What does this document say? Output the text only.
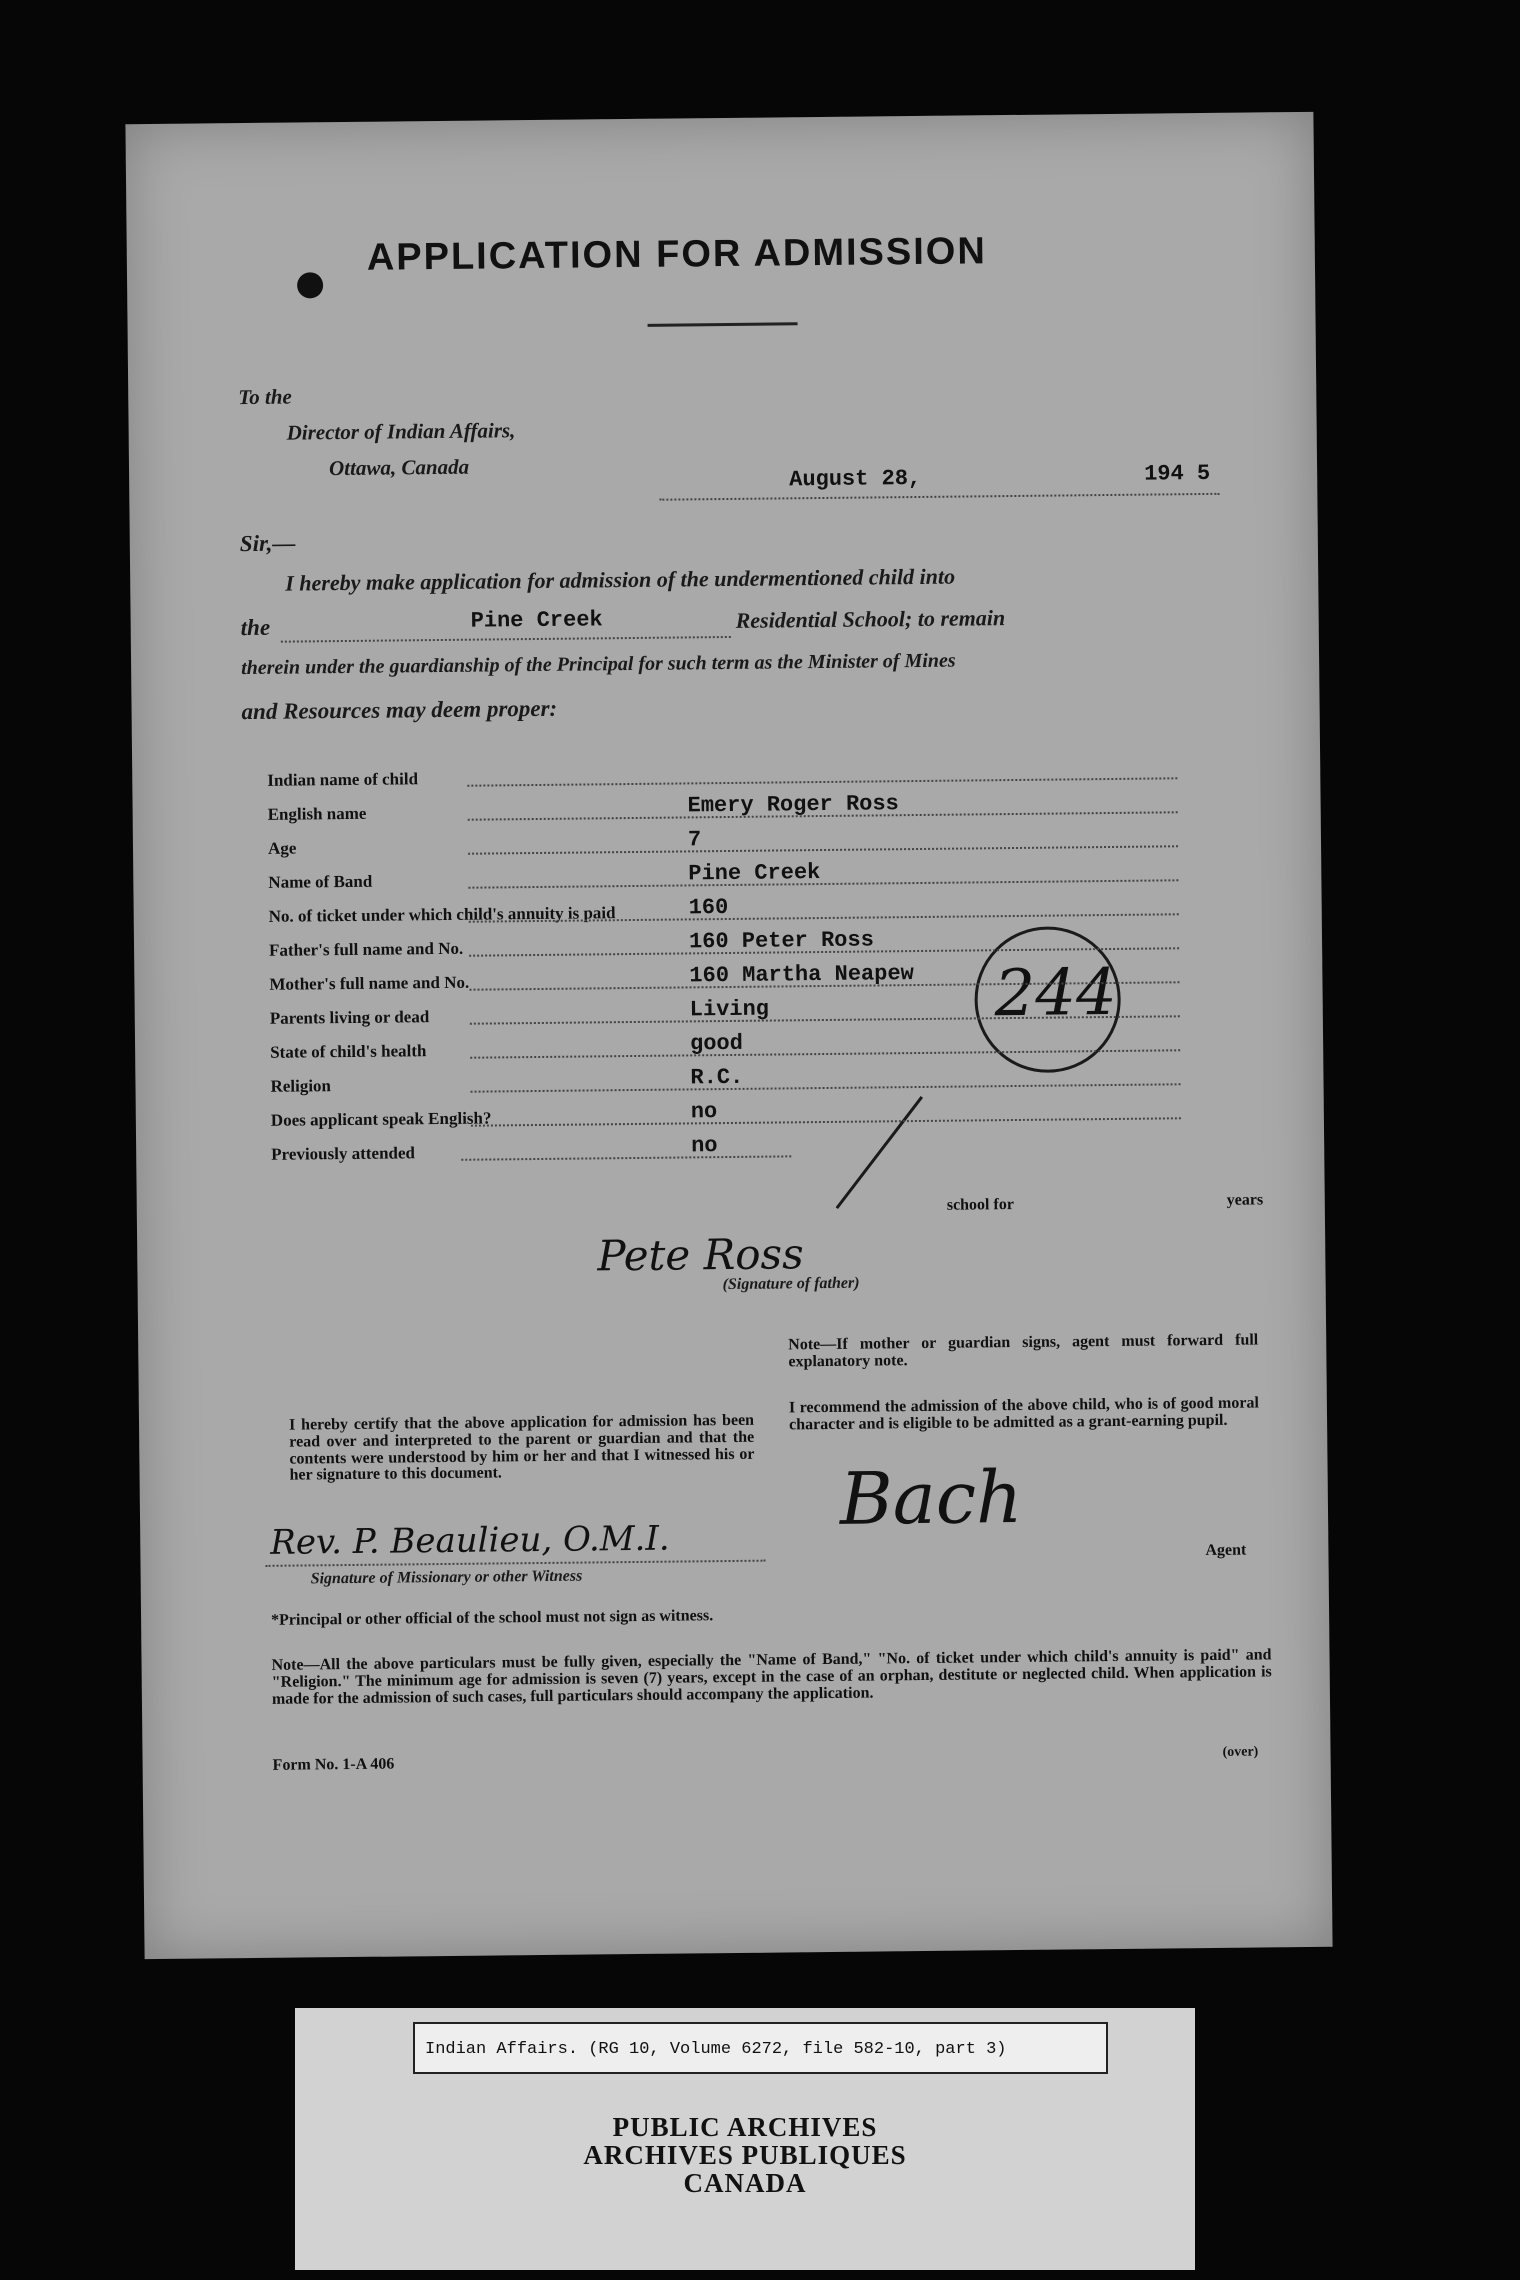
APPLICATION FOR ADMISSION
To the
Director of Indian Affairs,
Ottawa, Canada	August 28,	194 5
Sir,—
I hereby make application for admission of the undermentioned child into
the	Pine Creek	Residential School; to remain
therein under the guardianship of the Principal for such term as the Minister of Mines
and Resources may deem proper:
244
school for	years
Pete Ross
(Signature of father)
Note—If mother or guardian signs, agent must forward full explanatory note.
I hereby certify that the above application for admission has been read over and interpreted to the parent or guardian and that the contents were understood by him or her and that I witnessed his or her signature to this document.
I recommend the admission of the above child, who is of good moral character and is eligible to be admitted as a grant-earning pupil.
Rev. P. Beaulieu, O.M.I.
Signature of Missionary or other Witness
Bach
Agent
*Principal or other official of the school must not sign as witness.
Note—All the above particulars must be fully given, especially the "Name of Band," "No. of ticket under which child's annuity is paid" and "Religion." The minimum age for admission is seven (7) years, except in the case of an orphan, destitute or neglected child. When application is made for the admission of such cases, full particulars should accompany the application.
Form No. 1-A 406
(over)
Indian name of child
English name	Emery Roger Ross
Age	7
Name of Band	Pine Creek
No. of ticket under which child's annuity is paid	160
Father's full name and No.	160 Peter Ross
Mother's full name and No.	160 Martha Neapew
Parents living or dead	Living
State of child's health	good
Religion	R.C.
Does applicant speak English?	no
Previously attended	no
Indian Affairs. (RG 10, Volume 6272, file 582-10, part 3)
PUBLIC ARCHIVES
ARCHIVES PUBLIQUES
CANADA
